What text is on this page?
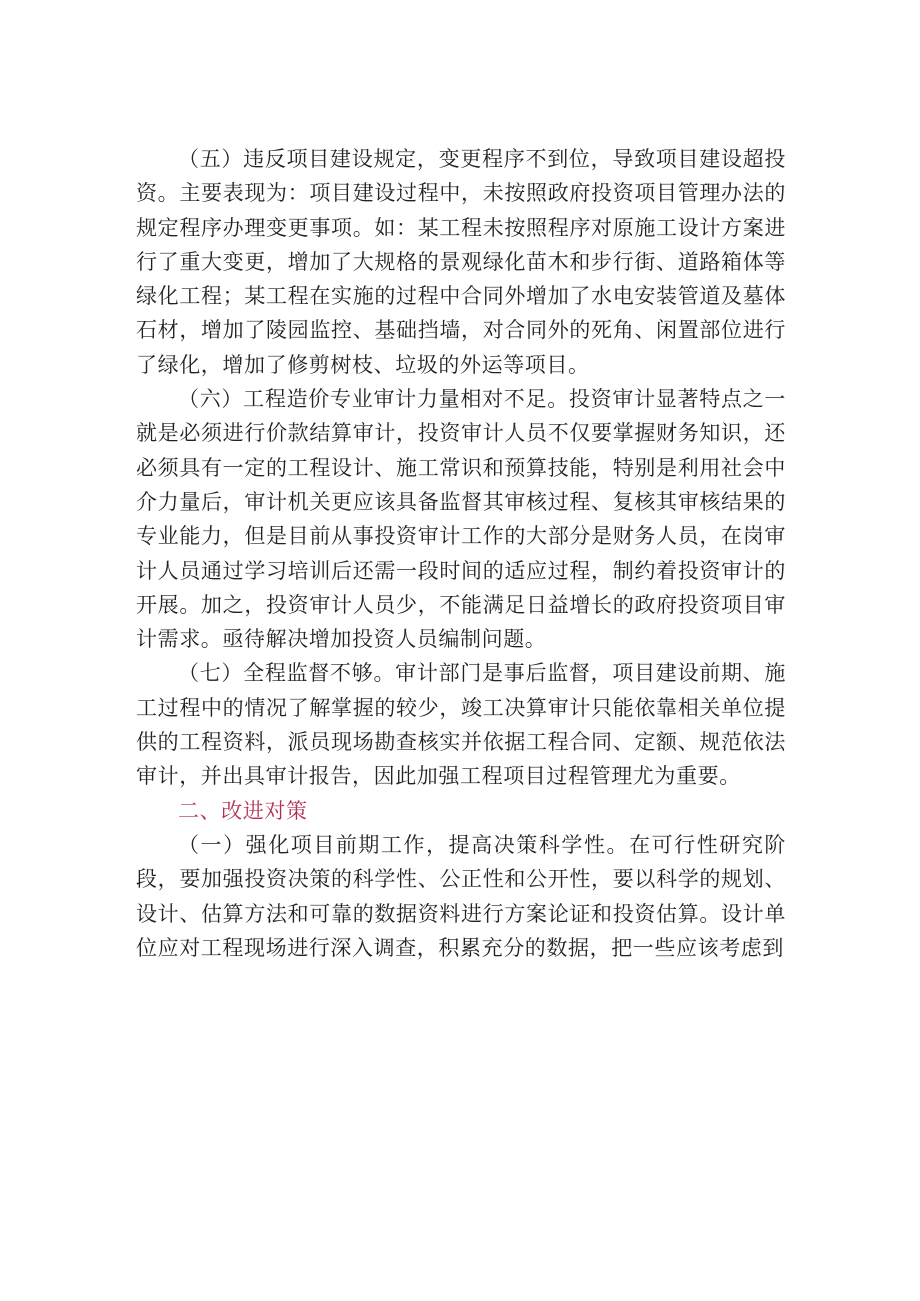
（五）违反项目建设规定，变更程序不到位，导致项目建设超投资。主要表现为：项目建设过程中，未按照政府投资项目管理办法的规定程序办理变更事项。如：某工程未按照程序对原施工设计方案进行了重大变更，增加了大规格的景观绿化苗木和步行街、道路箱体等绿化工程；某工程在实施的过程中合同外增加了水电安装管道及墓体石材，增加了陵园监控、基础挡墙，对合同外的死角、闲置部位进行了绿化，增加了修剪树枝、垃圾的外运等项目。

（六）工程造价专业审计力量相对不足。投资审计显著特点之一就是必须进行价款结算审计，投资审计人员不仅要掌握财务知识，还必须具有一定的工程设计、施工常识和预算技能，特别是利用社会中介力量后，审计机关更应该具备监督其审核过程、复核其审核结果的专业能力，但是目前从事投资审计工作的大部分是财务人员，在岗审计人员通过学习培训后还需一段时间的适应过程，制约着投资审计的开展。加之，投资审计人员少，不能满足日益增长的政府投资项目审计需求。亟待解决增加投资人员编制问题。

（七）全程监督不够。审计部门是事后监督，项目建设前期、施工过程中的情况了解掌握的较少，竣工决算审计只能依靠相关单位提供的工程资料，派员现场勘查核实并依据工程合同、定额、规范依法审计，并出具审计报告，因此加强工程项目过程管理尤为重要。

二、改进对策

（一）强化项目前期工作，提高决策科学性。在可行性研究阶段，要加强投资决策的科学性、公正性和公开性，要以科学的规划、设计、估算方法和可靠的数据资料进行方案论证和投资估算。设计单位应对工程现场进行深入调查，积累充分的数据，把一些应该考虑到
